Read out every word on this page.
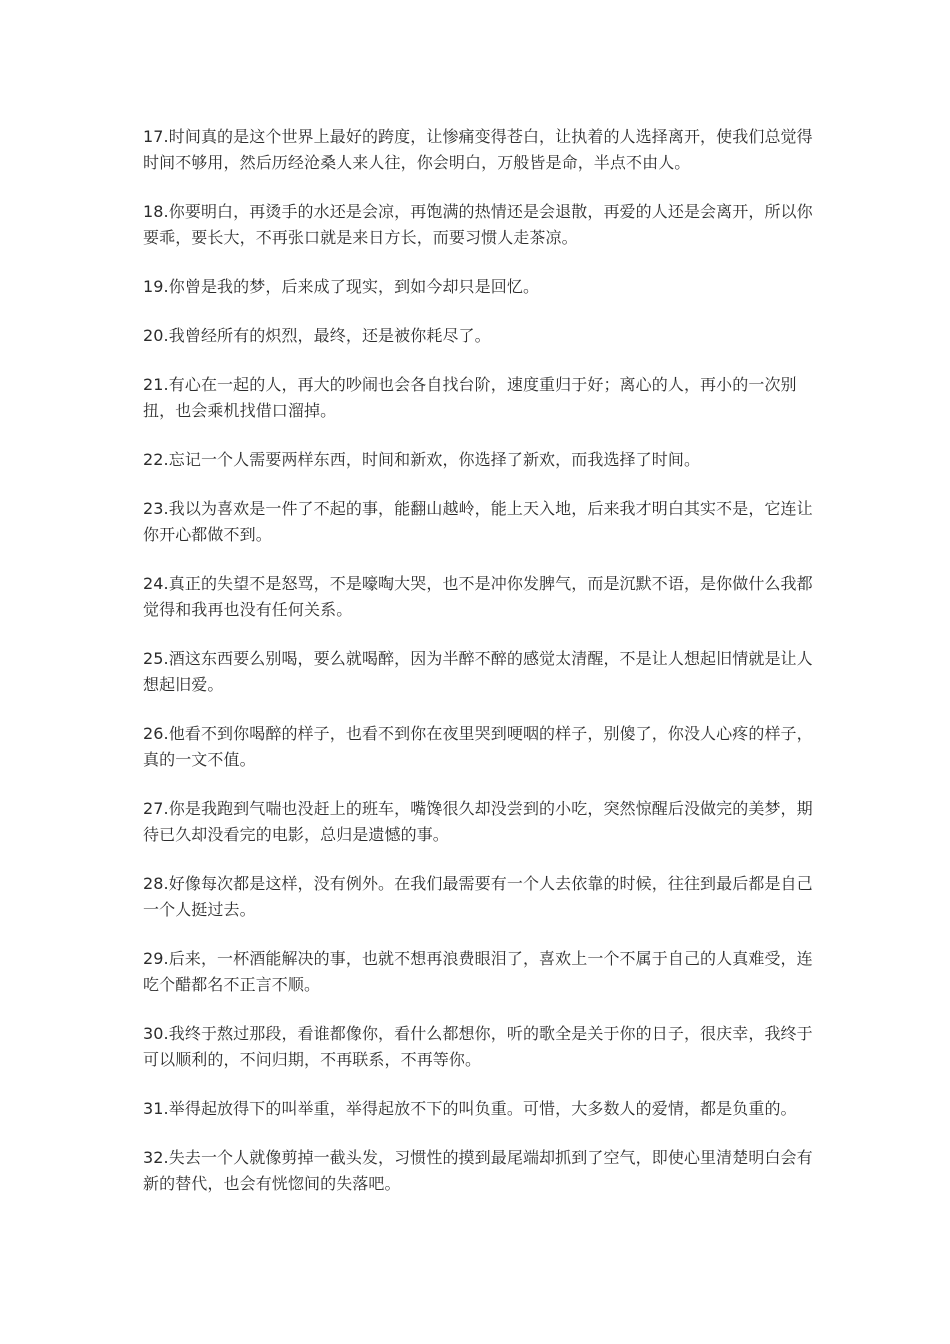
17.时间真的是这个世界上最好的跨度，让惨痛变得苍白，让执着的人选择离开，使我们总觉得时间不够用，然后历经沧桑人来人往，你会明白，万般皆是命，半点不由人。

18.你要明白，再烫手的水还是会凉，再饱满的热情还是会退散，再爱的人还是会离开，所以你要乖，要长大，不再张口就是来日方长，而要习惯人走茶凉。

19.你曾是我的梦，后来成了现实，到如今却只是回忆。

20.我曾经所有的炽烈，最终，还是被你耗尽了。

21.有心在一起的人，再大的吵闹也会各自找台阶，速度重归于好；离心的人，再小的一次别扭，也会乘机找借口溜掉。

22.忘记一个人需要两样东西，时间和新欢，你选择了新欢，而我选择了时间。

23.我以为喜欢是一件了不起的事，能翻山越岭，能上天入地，后来我才明白其实不是，它连让你开心都做不到。

24.真正的失望不是怒骂，不是嚎啕大哭，也不是冲你发脾气，而是沉默不语，是你做什么我都觉得和我再也没有任何关系。

25.酒这东西要么别喝，要么就喝醉，因为半醉不醉的感觉太清醒，不是让人想起旧情就是让人想起旧爱。

26.他看不到你喝醉的样子，也看不到你在夜里哭到哽咽的样子，别傻了，你没人心疼的样子，真的一文不值。

27.你是我跑到气喘也没赶上的班车，嘴馋很久却没尝到的小吃，突然惊醒后没做完的美梦，期待已久却没看完的电影，总归是遗憾的事。

28.好像每次都是这样，没有例外。在我们最需要有一个人去依靠的时候，往往到最后都是自己一个人挺过去。

29.后来，一杯酒能解决的事，也就不想再浪费眼泪了，喜欢上一个不属于自己的人真难受，连吃个醋都名不正言不顺。

30.我终于熬过那段，看谁都像你，看什么都想你，听的歌全是关于你的日子，很庆幸，我终于可以顺利的，不问归期，不再联系，不再等你。

31.举得起放得下的叫举重，举得起放不下的叫负重。可惜，大多数人的爱情，都是负重的。

32.失去一个人就像剪掉一截头发，习惯性的摸到最尾端却抓到了空气，即使心里清楚明白会有新的替代，也会有恍惚间的失落吧。
